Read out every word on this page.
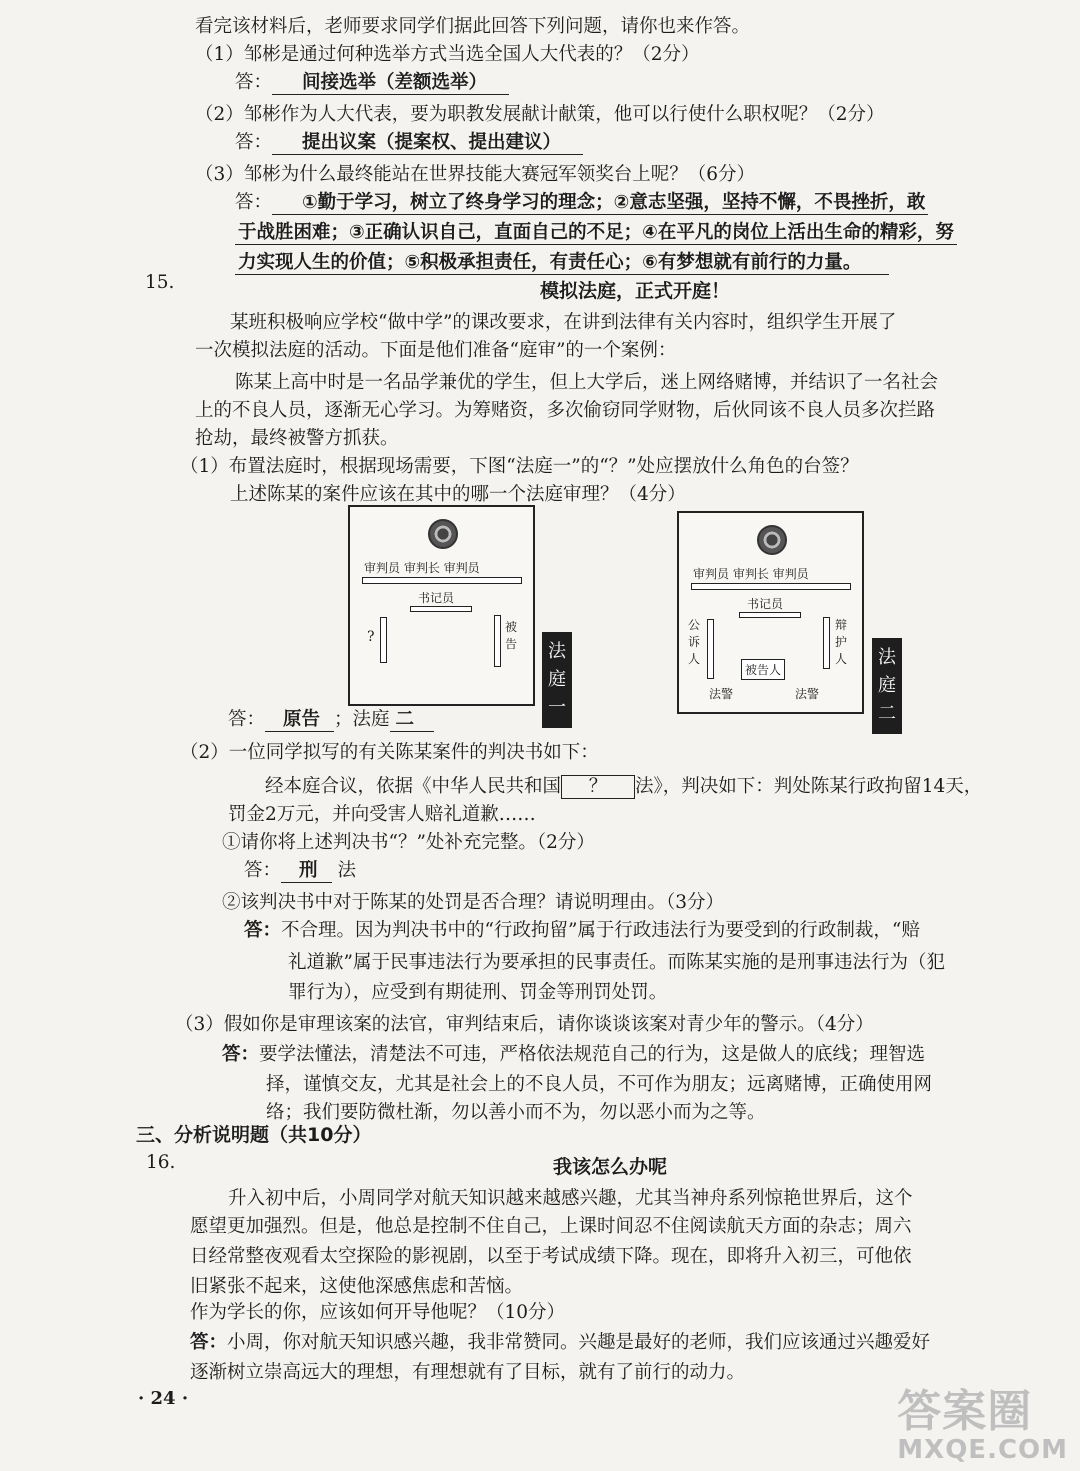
看完该材料后，老师要求同学们据此回答下列问题，请你也来作答。
（1）邹彬是通过何种选举方式当选全国人大代表的？（2分）
答： 间接选举（差额选举）
（2）邹彬作为人大代表，要为职教发展献计献策，他可以行使什么职权呢？（2分）
答： 提出议案（提案权、提出建议）
（3）邹彬为什么最终能站在世界技能大赛冠军领奖台上呢？（6分）
答： ①勤于学习，树立了终身学习的理念；②意志坚强，坚持不懈，不畏挫折，敢
于战胜困难；③正确认识自己，直面自己的不足；④在平凡的岗位上活出生命的精彩，努
力实现人生的价值；⑤积极承担责任，有责任心；⑥有梦想就有前行的力量。
15.	模拟法庭，正式开庭！
某班积极响应学校“做中学”的课改要求，在讲到法律有关内容时，组织学生开展了
一次模拟法庭的活动。下面是他们准备“庭审”的一个案例：
陈某上高中时是一名品学兼优的学生，但上大学后，迷上网络赌博，并结识了一名社会
上的不良人员，逐渐无心学习。为筹赌资，多次偷窃同学财物，后伙同该不良人员多次拦路
抢劫，最终被警方抓获。
（1）布置法庭时，根据现场需要，下图“法庭一”的“？”处应摆放什么角色的台签？
上述陈某的案件应该在其中的哪一个法庭审理？（4分）
审判员 审判长 审判员
书记员
?
被告	法庭一
审判员 审判长 审判员
书记员
公诉人
辩护人
被告人
法警	法警
法庭二
答： 原告 ；法庭 二
（2）一位同学拟写的有关陈某案件的判决书如下：
经本庭合议，依据《中华人民共和国 ？ 法》，判决如下：判处陈某行政拘留14天，
罚金2万元，并向受害人赔礼道歉……
①请你将上述判决书“？”处补充完整。（2分）
答： 刑 法
②该判决书中对于陈某的处罚是否合理？请说明理由。（3分）
答：不合理。因为判决书中的“行政拘留”属于行政违法行为要受到的行政制裁，“赔
礼道歉”属于民事违法行为要承担的民事责任。而陈某实施的是刑事违法行为（犯
罪行为），应受到有期徒刑、罚金等刑罚处罚。
（3）假如你是审理该案的法官，审判结束后，请你谈谈该案对青少年的警示。（4分）
答：要学法懂法，清楚法不可违，严格依法规范自己的行为，这是做人的底线；理智选
择，谨慎交友，尤其是社会上的不良人员，不可作为朋友；远离赌博，正确使用网
络；我们要防微杜渐，勿以善小而不为，勿以恶小而为之等。
三、分析说明题（共10分）
16.	我该怎么办呢
升入初中后，小周同学对航天知识越来越感兴趣，尤其当神舟系列惊艳世界后，这个
愿望更加强烈。但是，他总是控制不住自己，上课时间忍不住阅读航天方面的杂志；周六
日经常整夜观看太空探险的影视剧，以至于考试成绩下降。现在，即将升入初三，可他依
旧紧张不起来，这使他深感焦虑和苦恼。
作为学长的你，应该如何开导他呢？（10分）
答：小周，你对航天知识感兴趣，我非常赞同。兴趣是最好的老师，我们应该通过兴趣爱好
逐渐树立崇高远大的理想，有理想就有了目标，就有了前行的动力。
· 24 ·	答案圈
MXQE.COM
